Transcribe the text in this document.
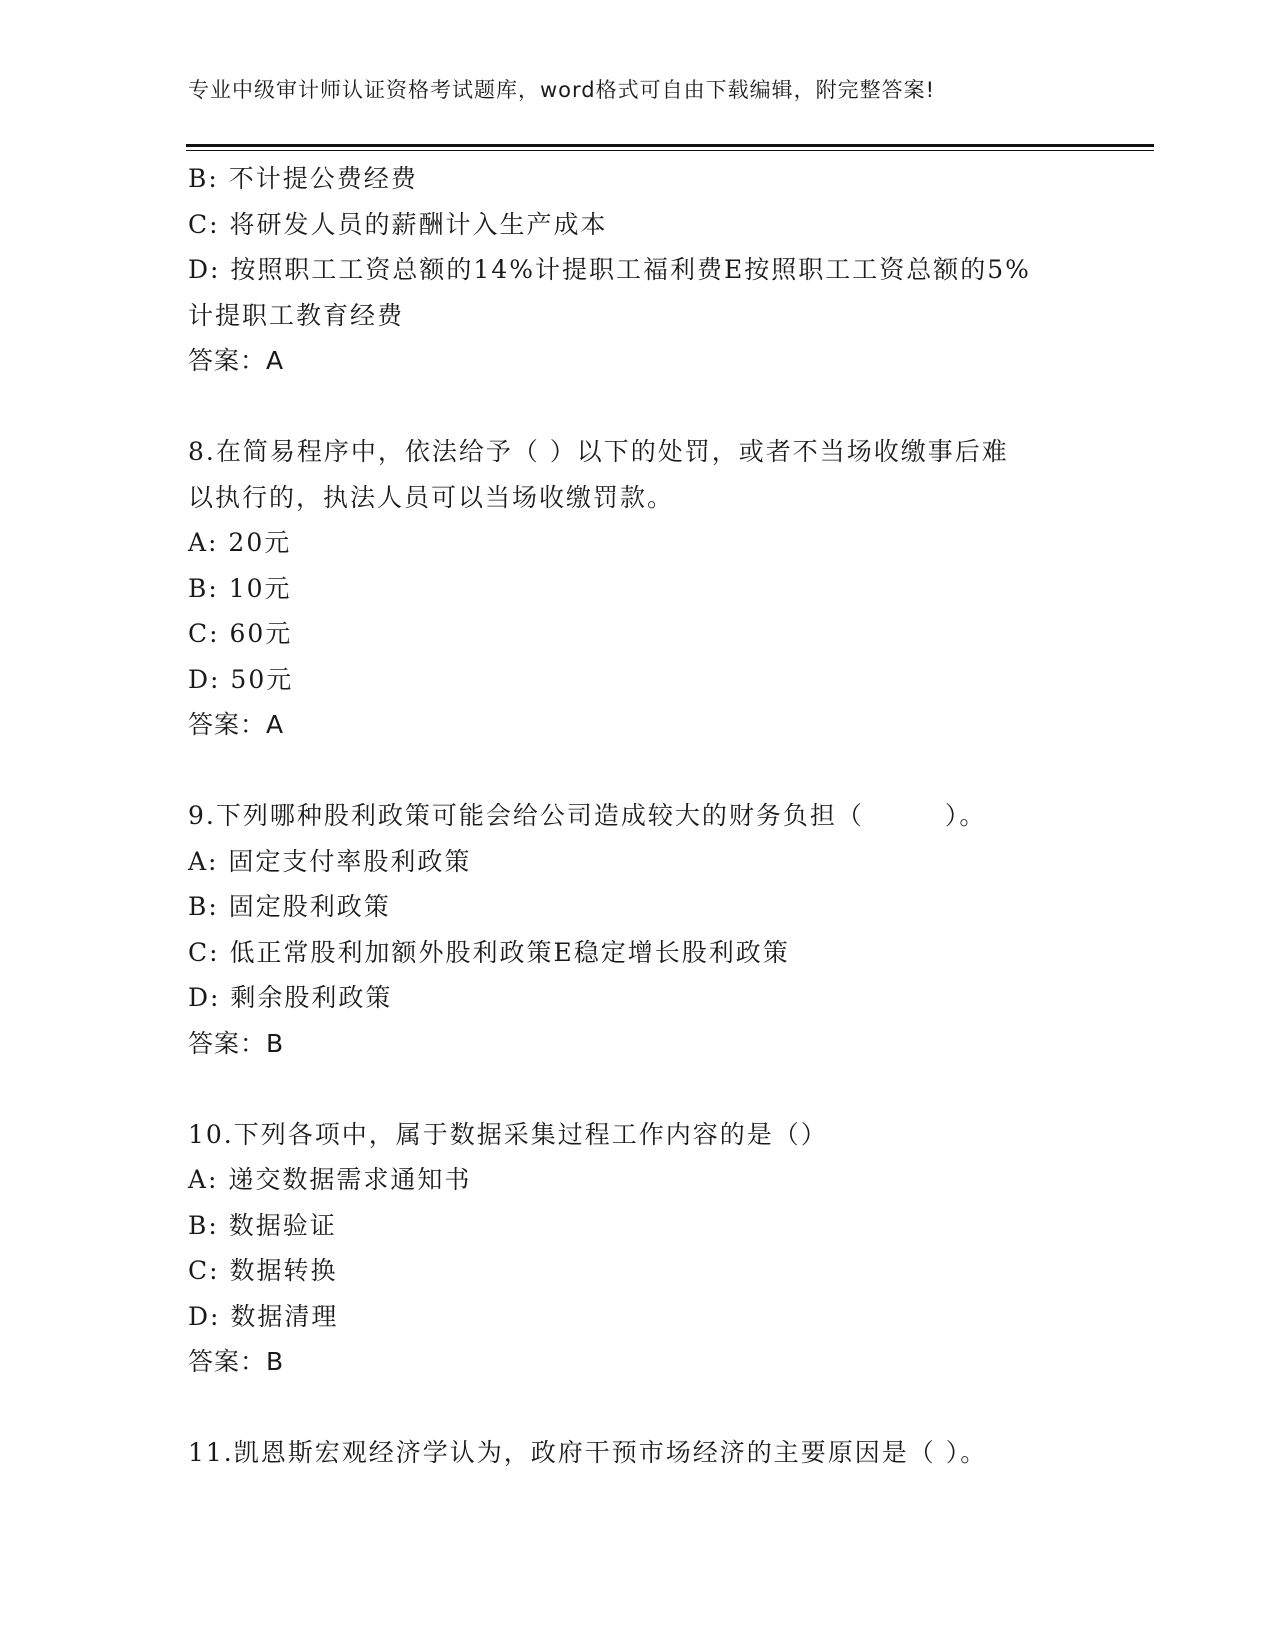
专业中级审计师认证资格考试题库，word格式可自由下载编辑，附完整答案!
B: 不计提公费经费
C: 将研发人员的薪酬计入生产成本
D: 按照职工工资总额的14%计提职工福利费E按照职工工资总额的5%
计提职工教育经费
答案：A
8.在简易程序中，依法给予（ ）以下的处罚，或者不当场收缴事后难
以执行的，执法人员可以当场收缴罚款。
A: 20元
B: 10元
C: 60元
D: 50元
答案：A
9.下列哪种股利政策可能会给公司造成较大的财务负担（　　　）。
A: 固定支付率股利政策
B: 固定股利政策
C: 低正常股利加额外股利政策E稳定增长股利政策
D: 剩余股利政策
答案：B
10.下列各项中，属于数据采集过程工作内容的是（）
A: 递交数据需求通知书
B: 数据验证
C: 数据转换
D: 数据清理
答案：B
11.凯恩斯宏观经济学认为，政府干预市场经济的主要原因是（ ）。
